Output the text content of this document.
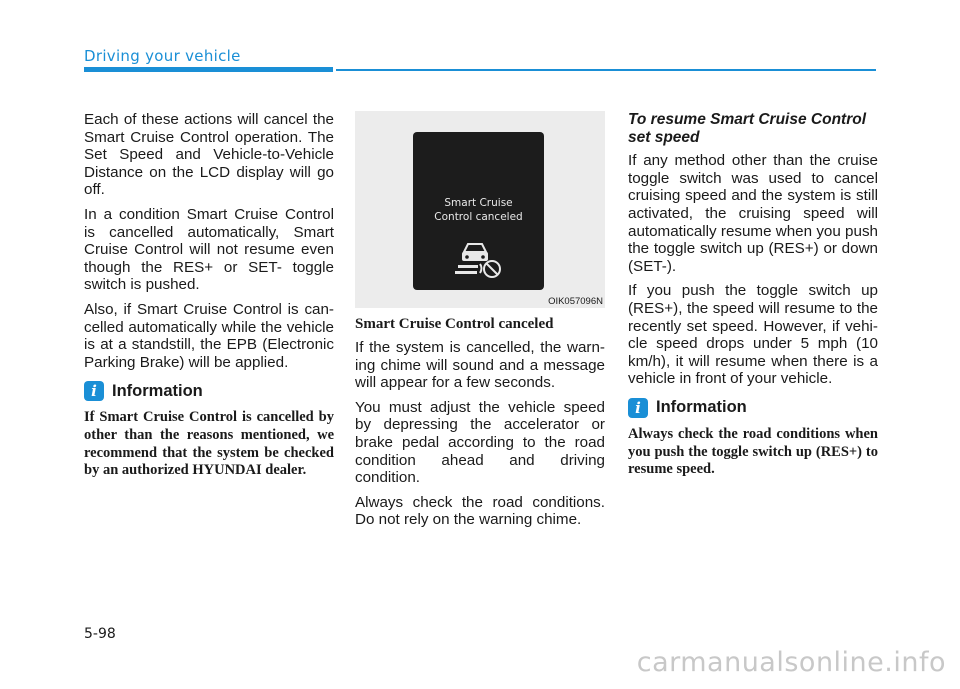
Driving your vehicle

Each of these actions will cancel the Smart Cruise Control operation. The Set Speed and Vehicle-to-Vehicle Distance on the LCD display will go off.

In a condition Smart Cruise Control is cancelled automatically, Smart Cruise Control will not resume even though the RES+ or SET- toggle switch is pushed.

Also, if Smart Cruise Control is can-celled automatically while the vehicle is at a standstill, the EPB (Electronic Parking Brake) will be applied.

i Information

If Smart Cruise Control is cancelled by other than the reasons mentioned, we recommend that the system be checked by an authorized HYUNDAI dealer.

Smart Cruise
Control canceled
OIK057096N
Smart Cruise Control canceled

If the system is cancelled, the warn-ing chime will sound and a message will appear for a few seconds.

You must adjust the vehicle speed by depressing the accelerator or brake pedal according to the road condition ahead and driving condition.

Always check the road conditions. Do not rely on the warning chime.

To resume Smart Cruise Control set speed

If any method other than the cruise toggle switch was used to cancel cruising speed and the system is still activated, the cruising speed will automatically resume when you push the toggle switch up (RES+) or down (SET-).

If you push the toggle switch up (RES+), the speed will resume to the recently set speed. However, if vehi-cle speed drops under 5 mph (10 km/h), it will resume when there is a vehicle in front of your vehicle.

i Information

Always check the road conditions when you push the toggle switch up (RES+) to resume speed.

5-98
carmanualsonline.info
